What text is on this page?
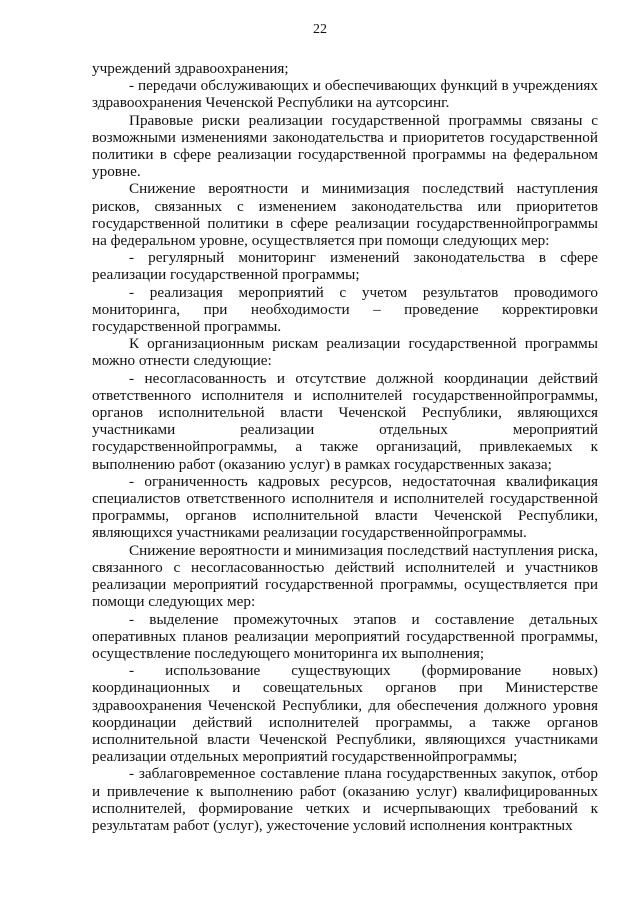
22

учреждений здравоохранения;

- передачи обслуживающих и обеспечивающих функций в учреждениях здравоохранения Чеченской Республики на аутсорсинг.

Правовые риски реализации государственной программы связаны с возможными изменениями законодательства и приоритетов государственной политики в сфере реализации государственной программы на федеральном уровне.

Снижение вероятности и минимизация последствий наступления рисков, связанных с изменением законодательства или приоритетов государственной политики в сфере реализации государственнойпрограммы на федеральном уровне, осуществляется при помощи следующих мер:

- регулярный мониторинг изменений законодательства в сфере реализации государственной программы;

- реализация мероприятий с учетом результатов проводимого мониторинга, при необходимости – проведение корректировки государственной программы.

К организационным рискам реализации государственной программы можно отнести следующие:

- несогласованность и отсутствие должной координации действий ответственного исполнителя и исполнителей государственнойпрограммы, органов исполнительной власти Чеченской Республики, являющихся участниками реализации отдельных мероприятий государственнойпрограммы, а также организаций, привлекаемых к выполнению работ (оказанию услуг) в рамках государственных заказа;

- ограниченность кадровых ресурсов, недостаточная квалификация специалистов ответственного исполнителя и исполнителей государственной программы, органов исполнительной власти Чеченской Республики, являющихся участниками реализации государственнойпрограммы.

Снижение вероятности и минимизация последствий наступления риска, связанного с несогласованностью действий исполнителей и участников реализации мероприятий государственной программы, осуществляется при помощи следующих мер:

- выделение промежуточных этапов и составление детальных оперативных планов реализации мероприятий государственной программы, осуществление последующего мониторинга их выполнения;

- использование существующих (формирование новых) координационных и совещательных органов при Министерстве здравоохранения Чеченской Республики, для обеспечения должного уровня координации действий исполнителей программы, а также органов исполнительной власти Чеченской Республики, являющихся участниками реализации отдельных мероприятий государственнойпрограммы;

- заблаговременное составление плана государственных закупок, отбор и привлечение к выполнению работ (оказанию услуг) квалифицированных исполнителей, формирование четких и исчерпывающих требований к результатам работ (услуг), ужесточение условий исполнения контрактных
